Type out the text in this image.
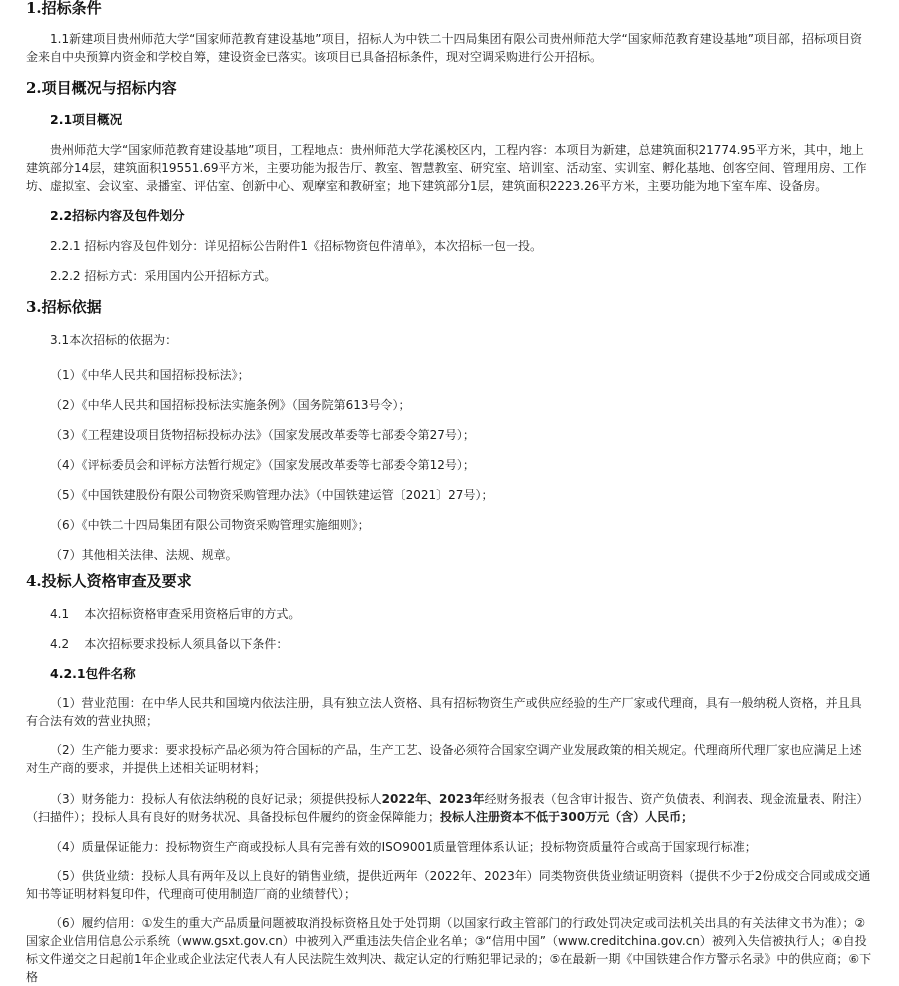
1.招标条件

1.1新建项目贵州师范大学“国家师范教育建设基地”项目，招标人为中铁二十四局集团有限公司贵州师范大学“国家师范教育建设基地”项目部，招标项目资金来自中央预算内资金和学校自筹，建设资金已落实。该项目已具备招标条件，现对空调采购进行公开招标。

2.项目概况与招标内容
2.1项目概况

贵州师范大学“国家师范教育建设基地”项目，工程地点：贵州师范大学花溪校区内，工程内容：本项目为新建，总建筑面积21774.95平方米，其中，地上建筑部分14层，建筑面积19551.69平方米，主要功能为报告厅、教室、智慧教室、研究室、培训室、活动室、实训室、孵化基地、创客空间、管理用房、工作坊、虚拟室、会议室、录播室、评估室、创新中心、观摩室和教研室；地下建筑部分1层，建筑面积2223.26平方米，主要功能为地下室车库、设备房。

2.2招标内容及包件划分
2.2.1 招标内容及包件划分：详见招标公告附件1《招标物资包件清单》，本次招标一包一投。
2.2.2 招标方式：采用国内公开招标方式。
3.招标依据
3.1本次招标的依据为：
（1）《中华人民共和国招标投标法》；
（2）《中华人民共和国招标投标法实施条例》（国务院第613号令）；
（3）《工程建设项目货物招标投标办法》（国家发展改革委等七部委令第27号）；
（4）《评标委员会和评标方法暂行规定》（国家发展改革委等七部委令第12号）；
（5）《中国铁建股份有限公司物资采购管理办法》（中国铁建运管〔2021〕27号）；
（6）《中铁二十四局集团有限公司物资采购管理实施细则》；
（7）其他相关法律、法规、规章。
4.投标人资格审查及要求
4.1    本次招标资格审查采用资格后审的方式。
4.2    本次招标要求投标人须具备以下条件：
4.2.1包件名称

（1）营业范围：在中华人民共和国境内依法注册，具有独立法人资格、具有招标物资生产或供应经验的生产厂家或代理商，具有一般纳税人资格，并且具有合法有效的营业执照；

（2）生产能力要求：要求投标产品必须为符合国标的产品，生产工艺、设备必须符合国家空调产业发展政策的相关规定。代理商所代理厂家也应满足上述对生产商的要求，并提供上述相关证明材料；

（3）财务能力：投标人有依法纳税的良好记录；须提供投标人2022年、2023年经财务报表（包含审计报告、资产负债表、利润表、现金流量表、附注）（扫描件）；投标人具有良好的财务状况、具备投标包件履约的资金保障能力；投标人注册资本不低于300万元（含）人民币；

（4）质量保证能力：投标物资生产商或投标人具有完善有效的ISO9001质量管理体系认证；投标物资质量符合或高于国家现行标准；

（5）供货业绩：投标人具有两年及以上良好的销售业绩，提供近两年（2022年、2023年）同类物资供货业绩证明资料（提供不少于2份成交合同或成交通知书等证明材料复印件，代理商可使用制造厂商的业绩替代）；

（6）履约信用：①发生的重大产品质量问题被取消投标资格且处于处罚期（以国家行政主管部门的行政处罚决定或司法机关出具的有关法律文书为准）；②国家企业信用信息公示系统（www.gsxt.gov.cn）中被列入严重违法失信企业名单；③“信用中国”（www.creditchina.gov.cn）被列入失信被执行人；④自投标文件递交之日起前1年企业或企业法定代表人有人民法院生效判决、裁定认定的行贿犯罪记录的；⑤在最新一期《中国铁建合作方警示名录》中的供应商；⑥下格
